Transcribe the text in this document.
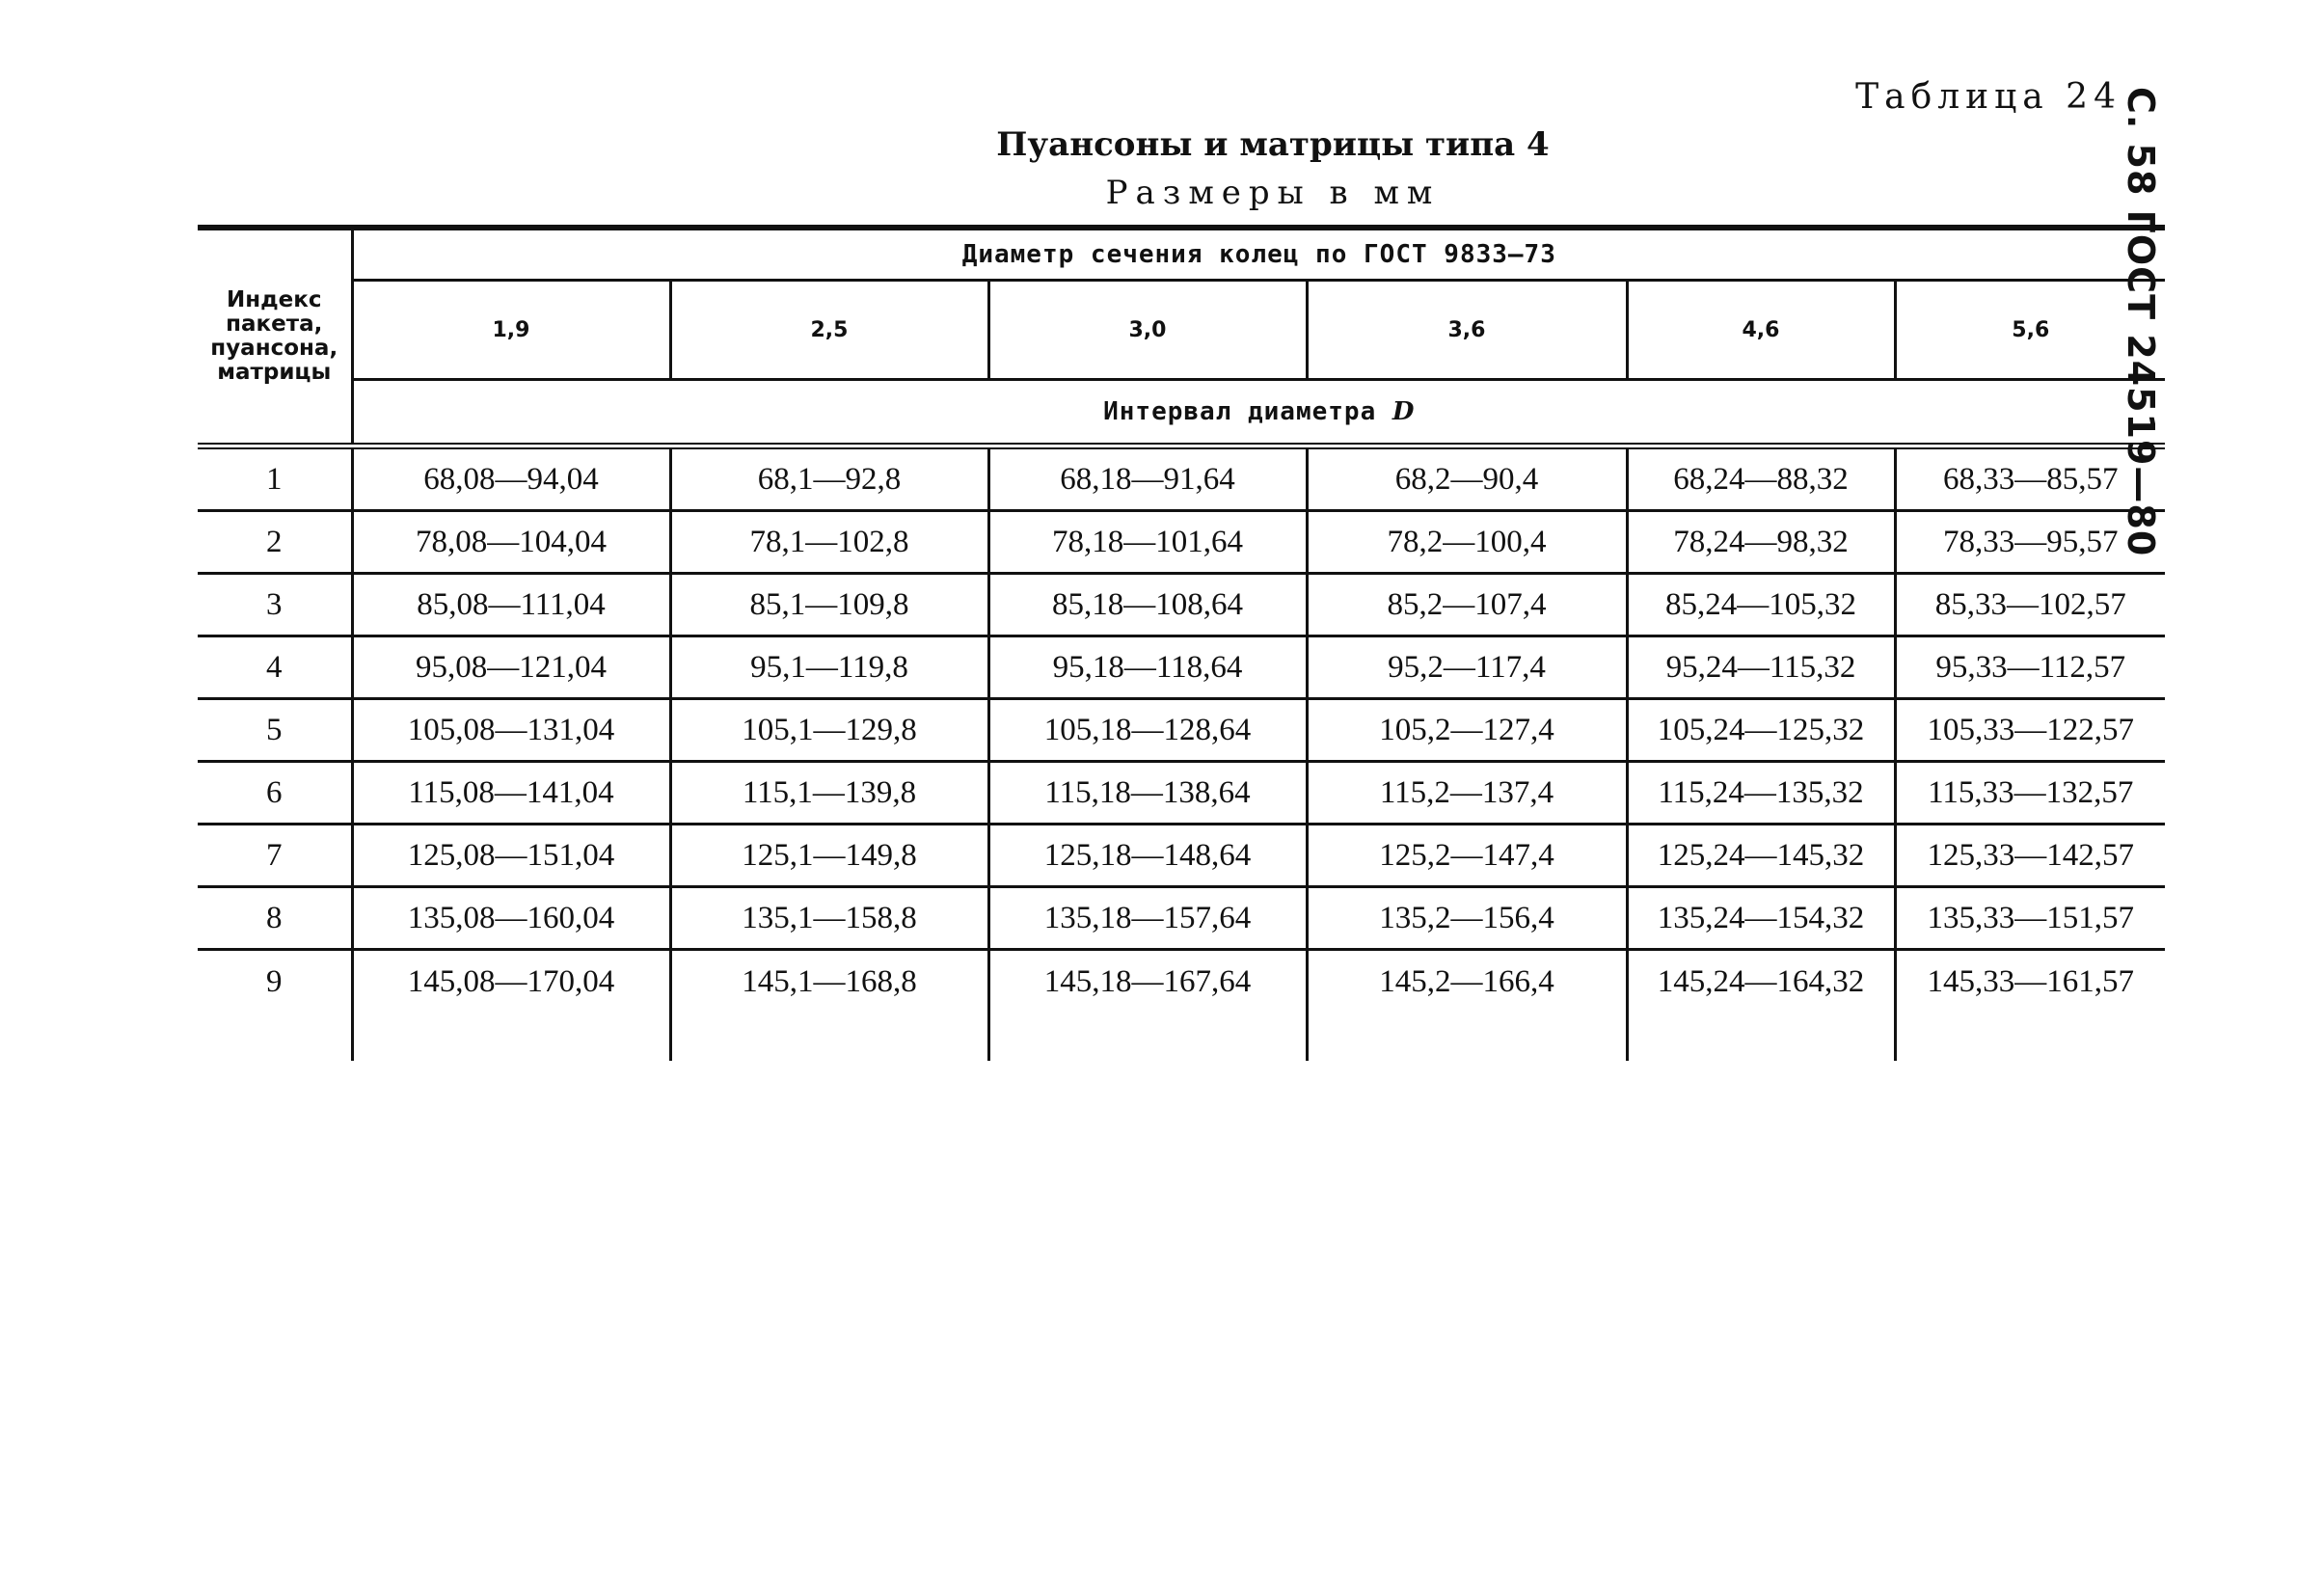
Таблица 24
С. 58 ГОСТ 24519—80
Пуансоны и матрицы типа 4
Размеры в мм
Индекс
пакета,
пуансона,
матрицы	Диаметр сечения колец по ГОСТ 9833—73					
	1,9	2,5	3,0	3,6	4,6	5,6
	Интервал диаметра D					
1	68,08—94,04	68,1—92,8	68,18—91,64	68,2—90,4	68,24—88,32	68,33—85,57
2	78,08—104,04	78,1—102,8	78,18—101,64	78,2—100,4	78,24—98,32	78,33—95,57
3	85,08—111,04	85,1—109,8	85,18—108,64	85,2—107,4	85,24—105,32	85,33—102,57
4	95,08—121,04	95,1—119,8	95,18—118,64	95,2—117,4	95,24—115,32	95,33—112,57
5	105,08—131,04	105,1—129,8	105,18—128,64	105,2—127,4	105,24—125,32	105,33—122,57
6	115,08—141,04	115,1—139,8	115,18—138,64	115,2—137,4	115,24—135,32	115,33—132,57
7	125,08—151,04	125,1—149,8	125,18—148,64	125,2—147,4	125,24—145,32	125,33—142,57
8	135,08—160,04	135,1—158,8	135,18—157,64	135,2—156,4	135,24—154,32	135,33—151,57
9	145,08—170,04	145,1—168,8	145,18—167,64	145,2—166,4	145,24—164,32	145,33—161,57
